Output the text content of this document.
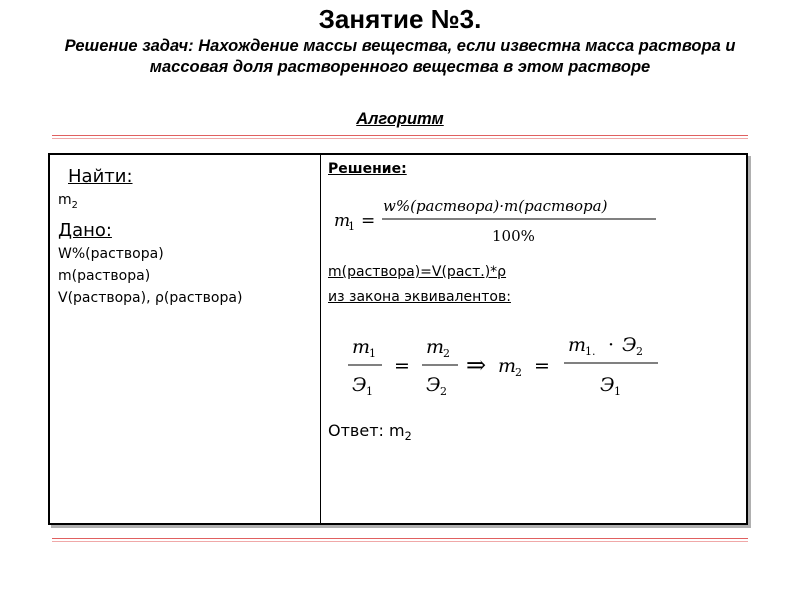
Занятие №3.
Решение задач: Нахождение массы вещества, если известна масса раствора и массовая доля растворенного вещества в этом растворе
Алгоритм
Найти:
$m_2$
Дано:
W%(раствора)
m(раствора)
V(раствора), ρ(раствора)
Решение:
m
1 =
w%(раствора)·m(раствора)
100%
m(раствора)=V(раст.)*ρ
из закона эквивалентов:
m
1
Э 1
=
m
2
Э 2
⇒ m
2 =
m
1. · Э 2
Э 1
Ответ: $m_2$
